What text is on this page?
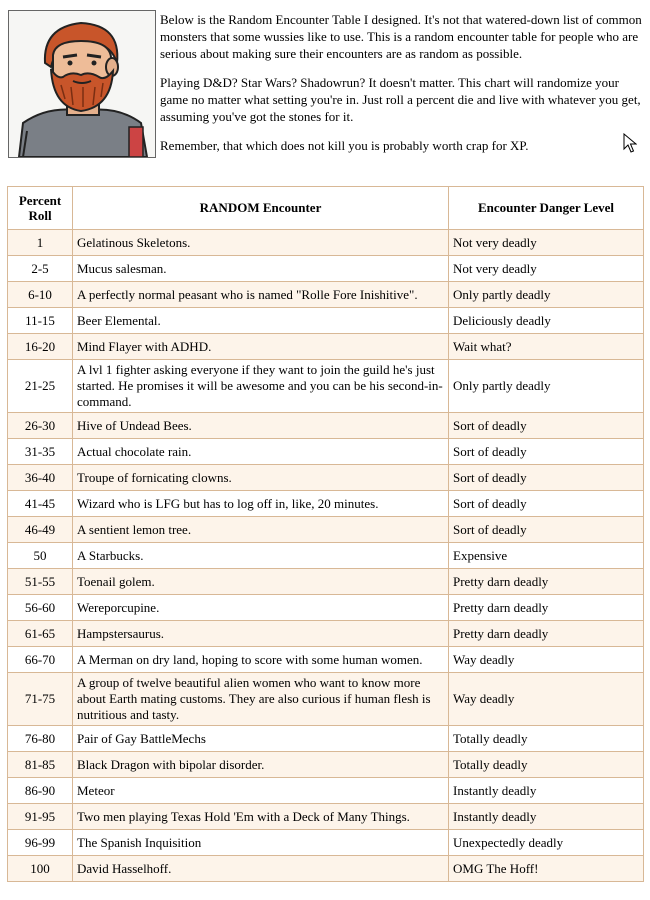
Below is the Random Encounter Table I designed. It's not that watered-down list of common monsters that some wussies like to use. This is a random encounter table for people who are serious about making sure their encounters are as random as possible.

Playing D&D? Star Wars? Shadowrun? It doesn't matter. This chart will randomize your game no matter what setting you're in. Just roll a percent die and live with whatever you get, assuming you've got the stones for it.

Remember, that which does not kill you is probably worth crap for XP.

Percent
Roll	RANDOM Encounter	Encounter Danger Level
1	Gelatinous Skeletons.	Not very deadly
2-5	Mucus salesman.	Not very deadly
6-10	A perfectly normal peasant who is named "Rolle Fore Inishitive".	Only partly deadly
11-15	Beer Elemental.	Deliciously deadly
16-20	Mind Flayer with ADHD.	Wait what?
21-25	A lvl 1 fighter asking everyone if they want to join the guild he's just started. He promises it will be awesome and you can be his second-in-command.	Only partly deadly
26-30	Hive of Undead Bees.	Sort of deadly
31-35	Actual chocolate rain.	Sort of deadly
36-40	Troupe of fornicating clowns.	Sort of deadly
41-45	Wizard who is LFG but has to log off in, like, 20 minutes.	Sort of deadly
46-49	A sentient lemon tree.	Sort of deadly
50	A Starbucks.	Expensive
51-55	Toenail golem.	Pretty darn deadly
56-60	Wereporcupine.	Pretty darn deadly
61-65	Hampstersaurus.	Pretty darn deadly
66-70	A Merman on dry land, hoping to score with some human women.	Way deadly
71-75	A group of twelve beautiful alien women who want to know more about Earth mating customs. They are also curious if human flesh is nutritious and tasty.	Way deadly
76-80	Pair of Gay BattleMechs	Totally deadly
81-85	Black Dragon with bipolar disorder.	Totally deadly
86-90	Meteor	Instantly deadly
91-95	Two men playing Texas Hold 'Em with a Deck of Many Things.	Instantly deadly
96-99	The Spanish Inquisition	Unexpectedly deadly
100	David Hasselhoff.	OMG The Hoff!
